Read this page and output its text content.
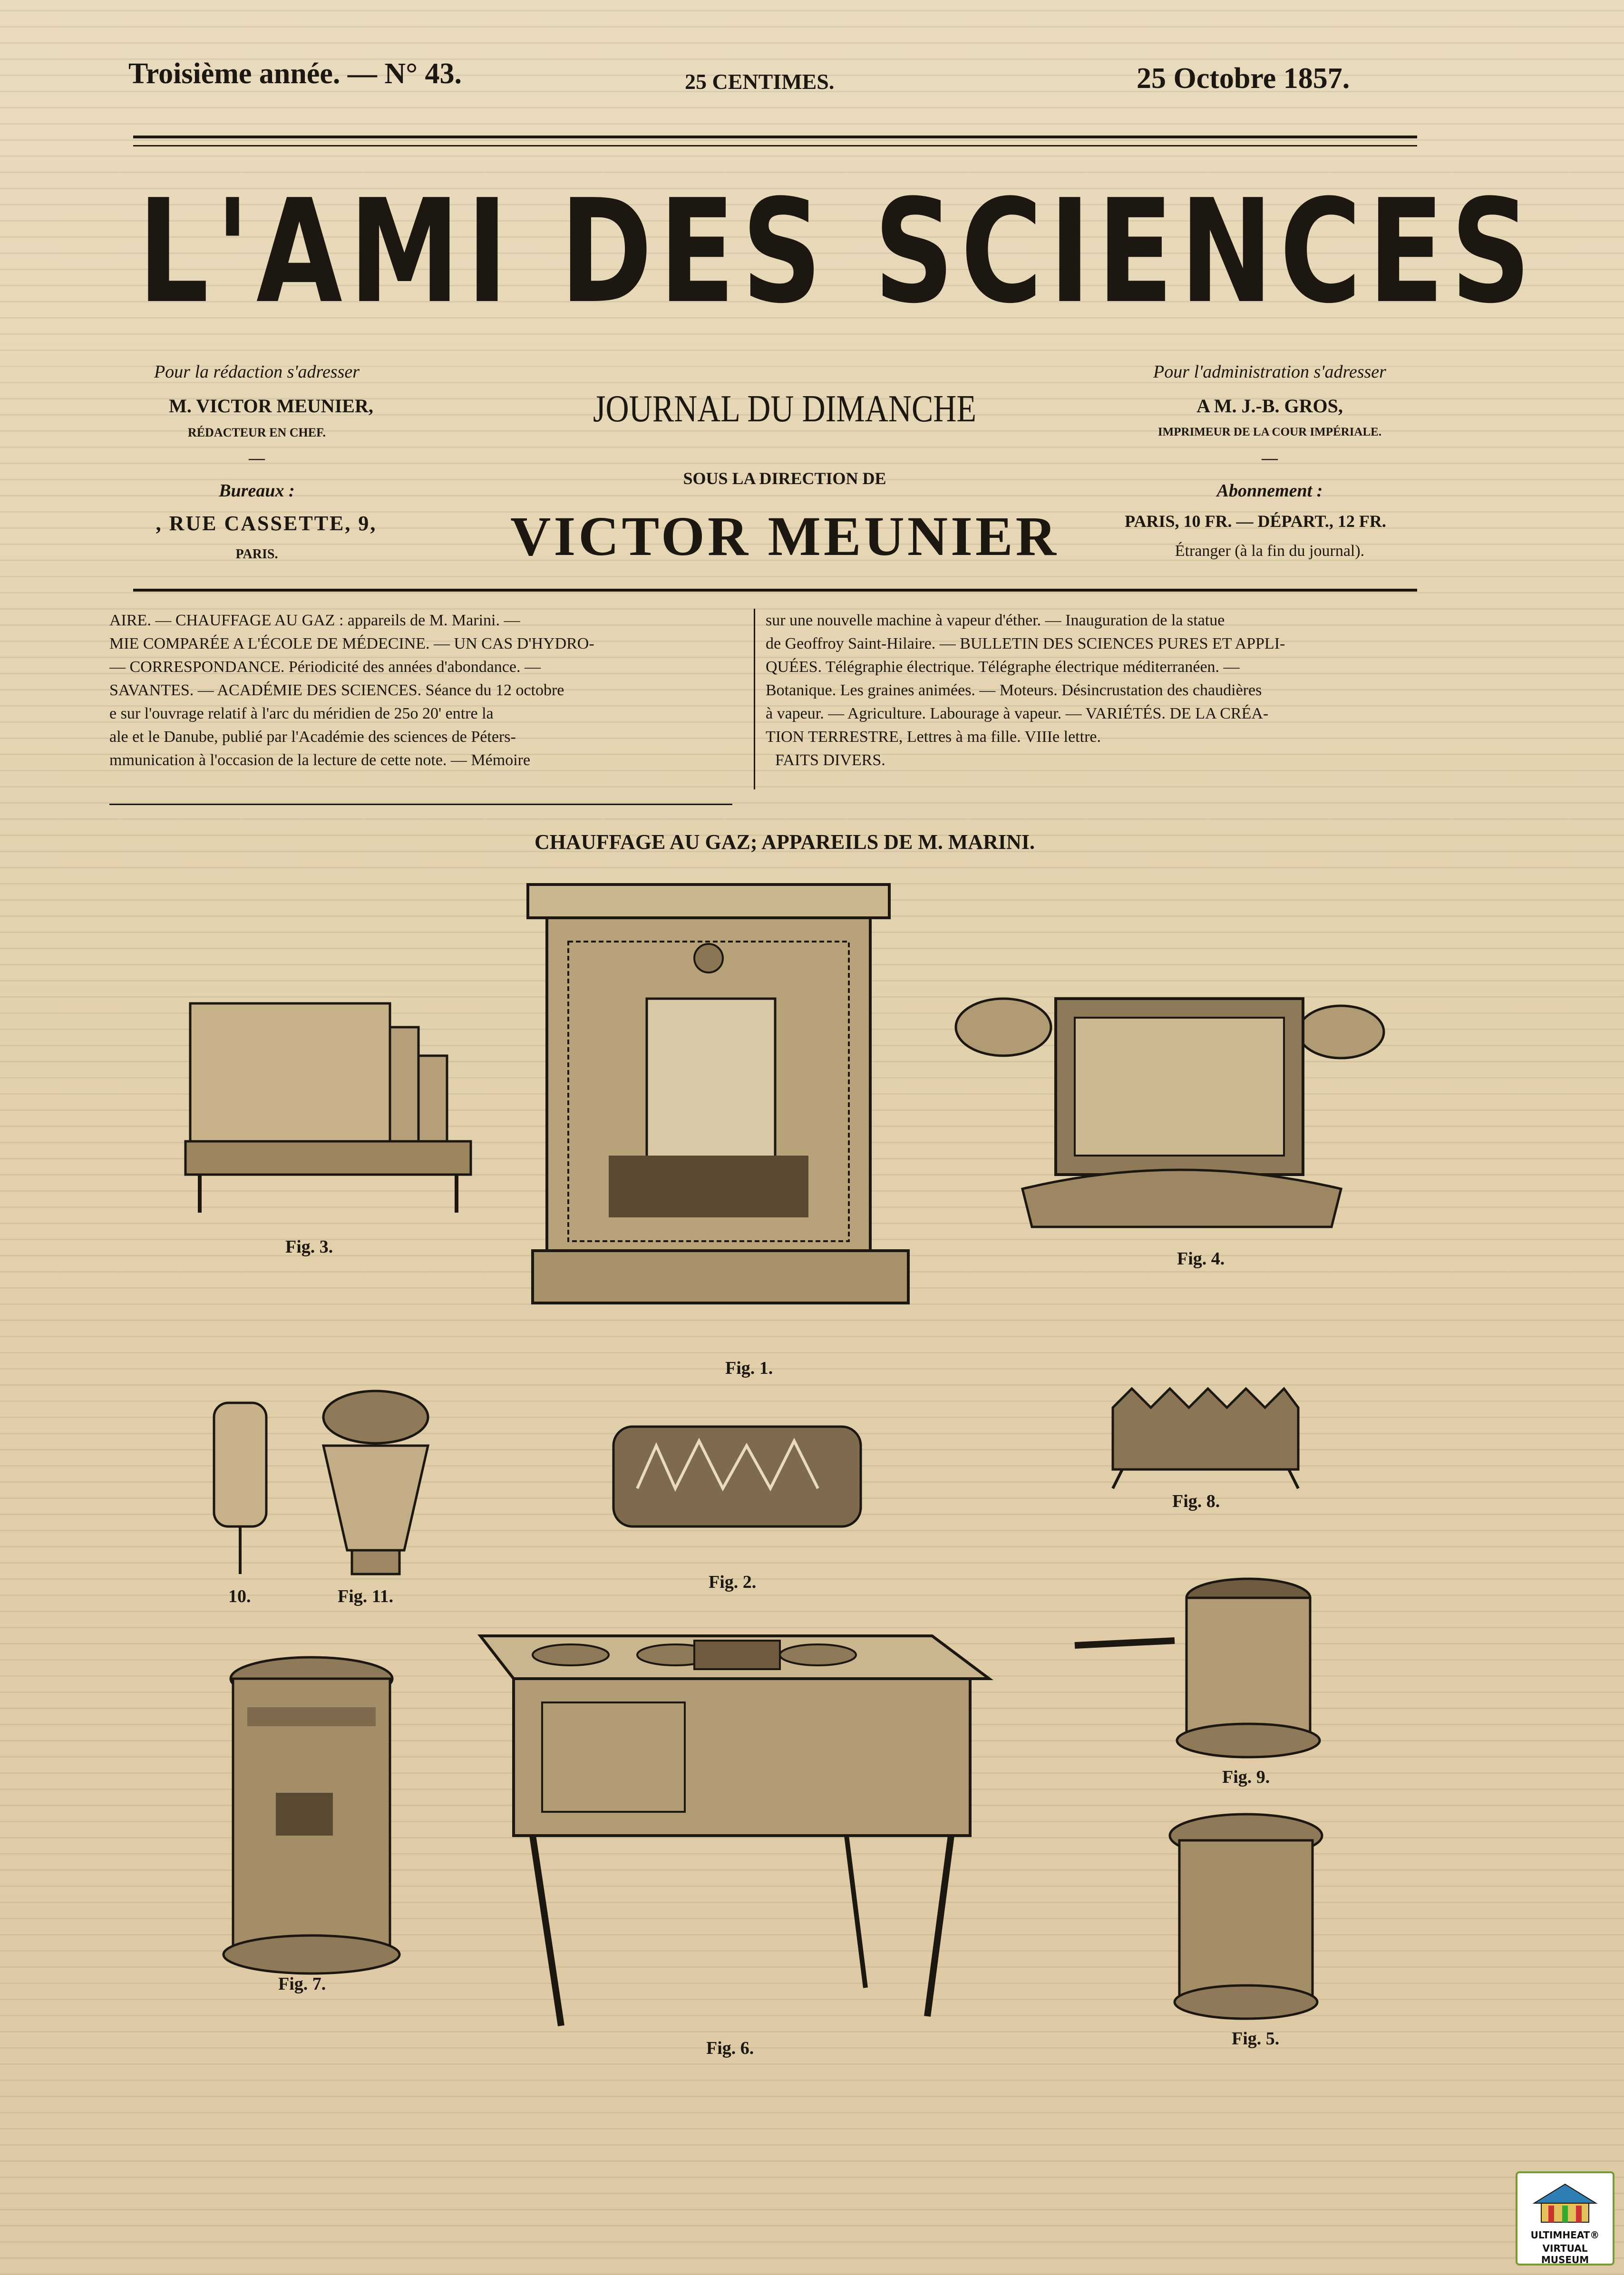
Troisième année. — N° 43.	25 CENTIMES.	25 Octobre 1857.
L'AMI DES SCIENCES
Pour la rédaction s'adresser
M. VICTOR MEUNIER,
RÉDACTEUR EN CHEF.
—
Bureaux :
, RUE CASSETTE, 9,
PARIS.
JOURNAL DU DIMANCHE
SOUS LA DIRECTION DE
VICTOR MEUNIER
Pour l'administration s'adresser
A M. J.-B. GROS,
IMPRIMEUR DE LA COUR IMPÉRIALE.
—
Abonnement :
PARIS, 10 FR. — DÉPART., 12 FR.
Étranger (à la fin du journal).
AIRE. — CHAUFFAGE AU GAZ : appareils de M. Marini. —
MIE COMPARÉE A L'ÉCOLE DE MÉDECINE. — UN CAS D'HYDRO-
— CORRESPONDANCE. Périodicité des années d'abondance. —
SAVANTES. — ACADÉMIE DES SCIENCES. Séance du 12 octobre
e sur l'ouvrage relatif à l'arc du méridien de 25o 20' entre la
ale et le Danube, publié par l'Académie des sciences de Péters-
mmunication à l'occasion de la lecture de cette note. — Mémoire
sur une nouvelle machine à vapeur d'éther. — Inauguration de la statue
de Geoffroy Saint-Hilaire. — BULLETIN DES SCIENCES PURES ET APPLI-
QUÉES. Télégraphie électrique. Télégraphe électrique méditerranéen. —
Botanique. Les graines animées. — Moteurs. Désincrustation des chaudières
à vapeur. — Agriculture. Labourage à vapeur. — VARIÉTÉS. DE LA CRÉA-
TION TERRESTRE, Lettres à ma fille. VIIIe lettre.
FAITS DIVERS.
CHAUFFAGE AU GAZ; APPAREILS DE M. MARINI.
Fig. 1.
Fig. 3.
Fig. 4.
10.	Fig. 11.
Fig. 2.
Fig. 8.
Fig. 7.
Fig. 6.
Fig. 9.
Fig. 5.
ULTIMHEAT®
VIRTUAL MUSEUM
